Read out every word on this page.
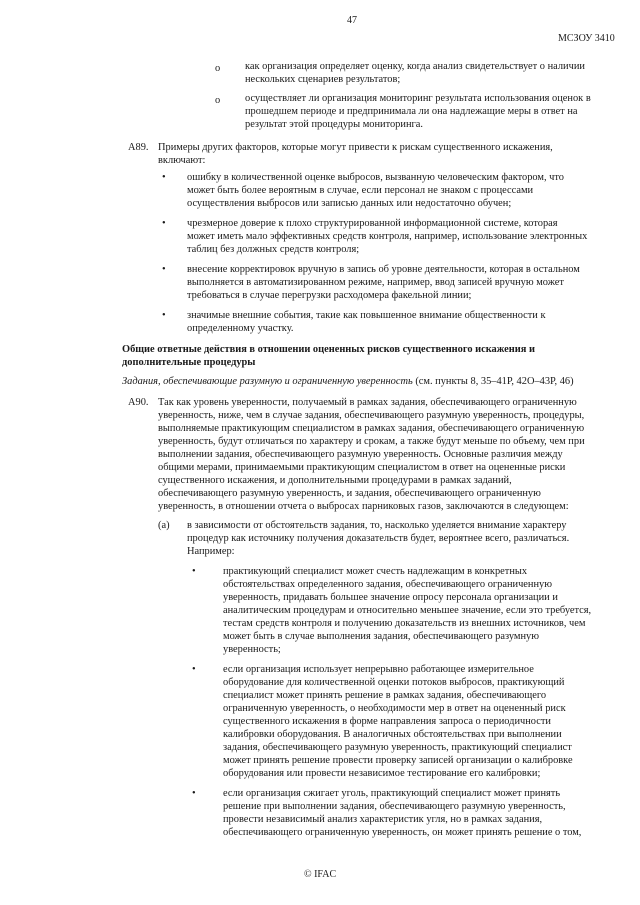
47
МСЗОУ 3410
o как организация определяет оценку, когда анализ свидетельствует о наличии
нескольких сценариев результатов;
o осуществляет ли организация мониторинг результата использования оценок в
прошедшем периоде и предпринимала ли она надлежащие меры в ответ на
результат этой процедуры мониторинга.
A89. Примеры других факторов, которые могут привести к рискам существенного искажения,
включают:
• ошибку в количественной оценке выбросов, вызванную человеческим фактором, что
может быть более вероятным в случае, если персонал не знаком с процессами
осуществления выбросов или записью данных или недостаточно обучен;
• чрезмерное доверие к плохо структурированной информационной системе, которая
может иметь мало эффективных средств контроля, например, использование электронных
таблиц без должных средств контроля;
• внесение корректировок вручную в запись об уровне деятельности, которая в остальном
выполняется в автоматизированном режиме, например, ввод записей вручную может
требоваться в случае перегрузки расходомера факельной линии;
• значимые внешние события, такие как повышенное внимание общественности к
определенному участку.
Общие ответные действия в отношении оцененных рисков существенного искажения и
дополнительные процедуры
Задания, обеспечивающие разумную и ограниченную уверенность (см. пункты 8, 35–41Р, 42О–43Р, 46)
A90. Так как уровень уверенности, получаемый в рамках задания, обеспечивающего ограниченную
уверенность, ниже, чем в случае задания, обеспечивающего разумную уверенность, процедуры,
выполняемые практикующим специалистом в рамках задания, обеспечивающего ограниченную
уверенность, будут отличаться по характеру и срокам, а также будут меньше по объему, чем при
выполнении задания, обеспечивающего разумную уверенность. Основные различия между
общими мерами, принимаемыми практикующим специалистом в ответ на оцененные риски
существенного искажения, и дополнительными процедурами в рамках заданий,
обеспечивающего разумную уверенность, и задания, обеспечивающего ограниченную
уверенность, в отношении отчета о выбросах парниковых газов, заключаются в следующем:
(a) в зависимости от обстоятельств задания, то, насколько уделяется внимание характеру
процедур как источнику получения доказательств будет, вероятнее всего, различаться.
Например:
•	практикующий специалист может счесть надлежащим в конкретных
обстоятельствах определенного задания, обеспечивающего ограниченную
уверенность, придавать большее значение опросу персонала организации и
аналитическим процедурам и относительно меньшее значение, если это требуется,
тестам средств контроля и получению доказательств из внешних источников, чем
может быть в случае выполнения задания, обеспечивающего разумную
уверенность;
•	если организация использует непрерывно работающее измерительное
оборудование для количественной оценки потоков выбросов, практикующий
специалист может принять решение в рамках задания, обеспечивающего
ограниченную уверенность, о необходимости мер в ответ на оцененный риск
существенного искажения в форме направления запроса о периодичности
калибровки оборудования. В аналогичных обстоятельствах при выполнении
задания, обеспечивающего разумную уверенность, практикующий специалист
может принять решение провести проверку записей организации о калибровке
оборудования или провести независимое тестирование его калибровки;
•	если организация сжигает уголь, практикующий специалист может принять
решение при выполнении задания, обеспечивающего разумную уверенность,
провести независимый анализ характеристик угля, но в рамках задания,
обеспечивающего ограниченную уверенность, он может принять решение о том,
© IFAC
